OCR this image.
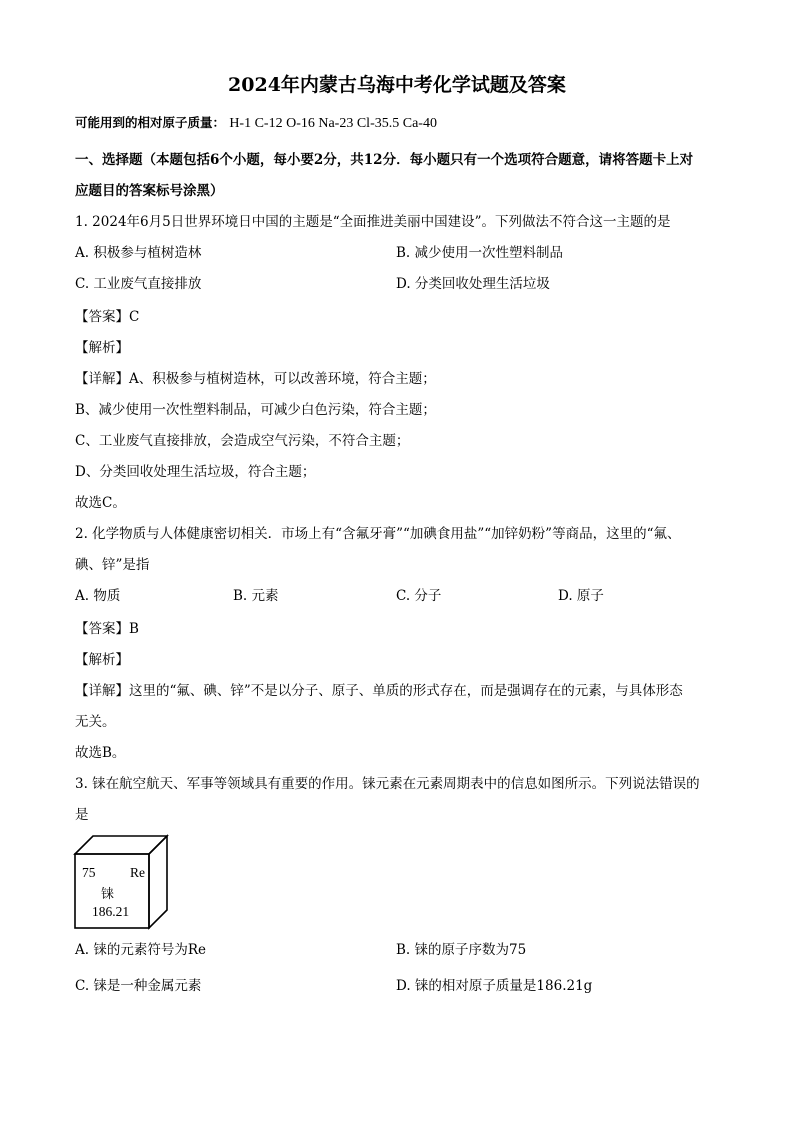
2024年内蒙古乌海中考化学试题及答案
可能用到的相对原子质量： H-1 C-12 O-16 Na-23 Cl-35.5 Ca-40
一、选择题（本题包括6个小题，每小要2分，共12分．每小题只有一个选项符合题意，请将答题卡上对
应题目的答案标号涂黑）
1. 2024年6月5日世界环境日中国的主题是“全面推进美丽中国建设”。下列做法不符合这一主题的是
A. 积极参与植树造林	B. 减少使用一次性塑料制品
C. 工业废气直接排放	D. 分类回收处理生活垃圾
【答案】C
【解析】
【详解】A、积极参与植树造林，可以改善环境，符合主题；
B、减少使用一次性塑料制品，可减少白色污染，符合主题；
C、工业废气直接排放，会造成空气污染，不符合主题；
D、分类回收处理生活垃圾，符合主题；
故选C。
2. 化学物质与人体健康密切相关．市场上有“含氟牙膏”“加碘食用盐”“加锌奶粉”等商品，这里的“氟、
碘、锌”是指
A. 物质	B. 元素	C. 分子	D. 原子
【答案】B
【解析】
【详解】这里的“氟、碘、锌”不是以分子、原子、单质的形式存在，而是强调存在的元素，与具体形态
无关。
故选B。
3. 铼在航空航天、军事等领域具有重要的作用。铼元素在元素周期表中的信息如图所示。下列说法错误的
是
75	Re
铼
186.21
A. 铼的元素符号为Re	B. 铼的原子序数为75
C. 铼是一种金属元素	D. 铼的相对原子质量是186.21g
